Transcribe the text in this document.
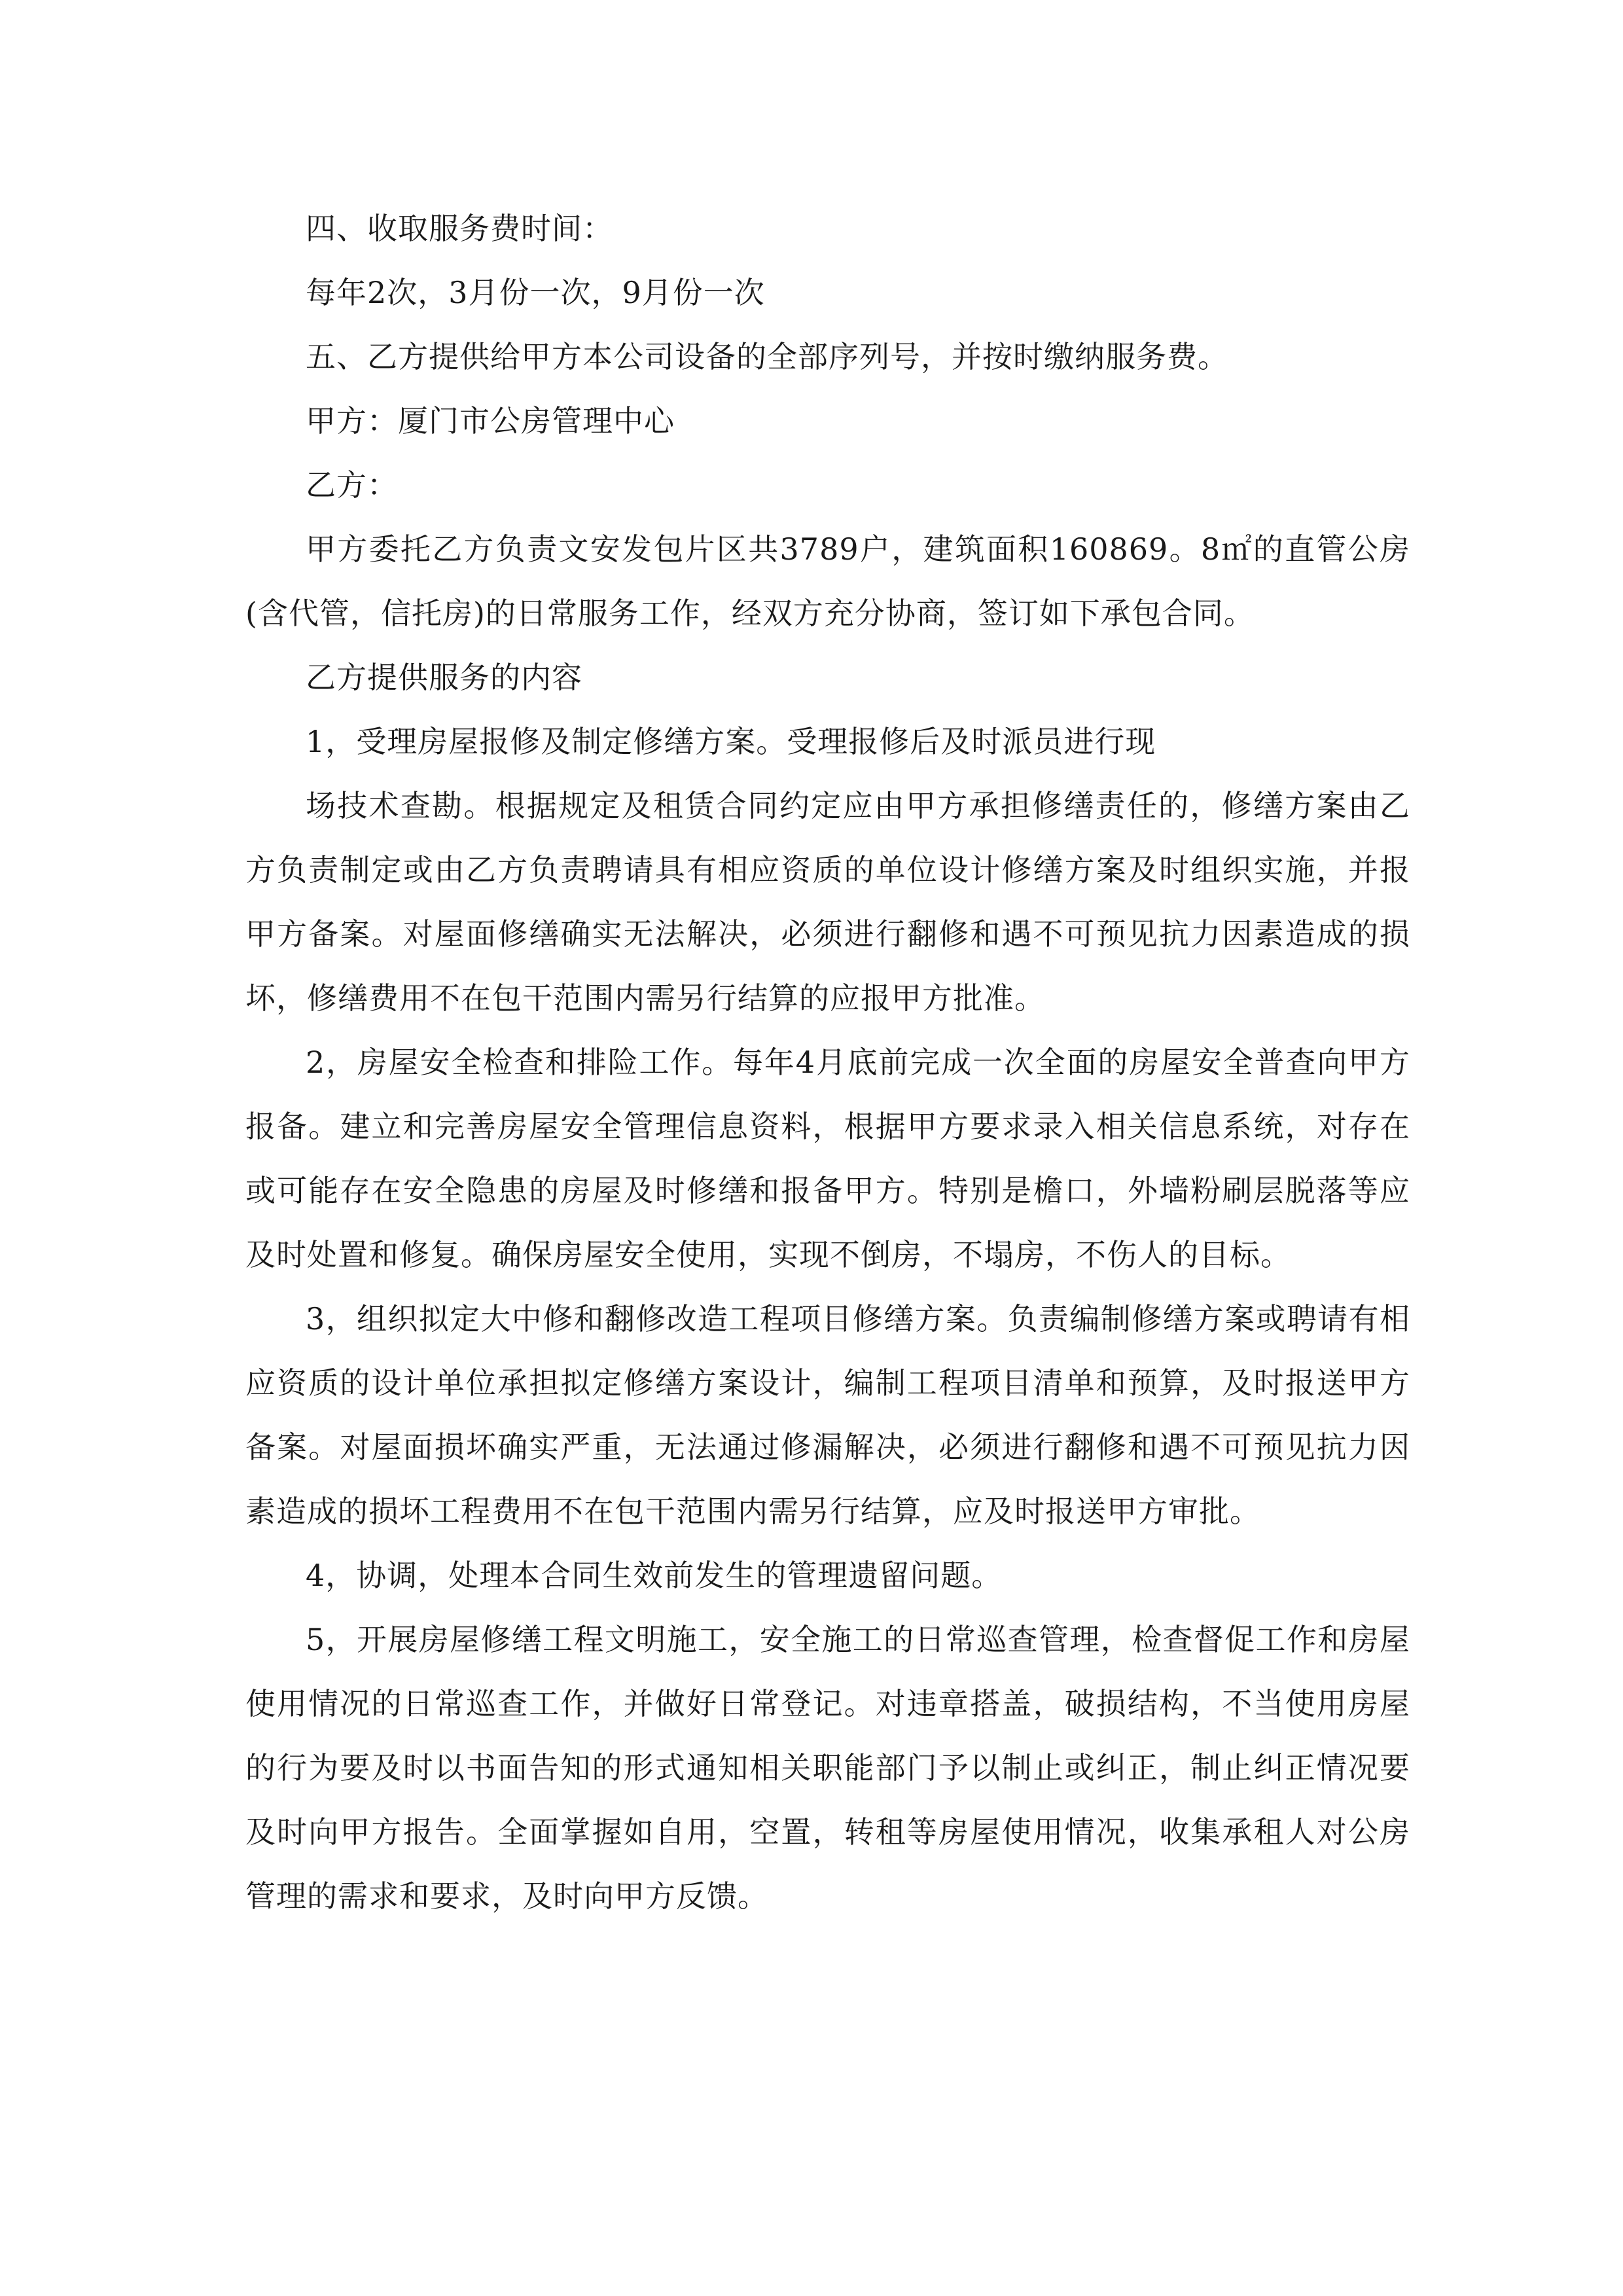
四、收取服务费时间：

每年2次，3月份一次，9月份一次

五、乙方提供给甲方本公司设备的全部序列号，并按时缴纳服务费。

甲方：厦门市公房管理中心

乙方：

甲方委托乙方负责文安发包片区共3789户，建筑面积160869。8㎡的直管公房(含代管，信托房)的日常服务工作，经双方充分协商，签订如下承包合同。

乙方提供服务的内容

1，受理房屋报修及制定修缮方案。受理报修后及时派员进行现

场技术查勘。根据规定及租赁合同约定应由甲方承担修缮责任的，修缮方案由乙方负责制定或由乙方负责聘请具有相应资质的单位设计修缮方案及时组织实施，并报甲方备案。对屋面修缮确实无法解决，必须进行翻修和遇不可预见抗力因素造成的损坏，修缮费用不在包干范围内需另行结算的应报甲方批准。

2，房屋安全检查和排险工作。每年4月底前完成一次全面的房屋安全普查向甲方报备。建立和完善房屋安全管理信息资料，根据甲方要求录入相关信息系统，对存在或可能存在安全隐患的房屋及时修缮和报备甲方。特别是檐口，外墙粉刷层脱落等应及时处置和修复。确保房屋安全使用，实现不倒房，不塌房，不伤人的目标。

3，组织拟定大中修和翻修改造工程项目修缮方案。负责编制修缮方案或聘请有相应资质的设计单位承担拟定修缮方案设计，编制工程项目清单和预算，及时报送甲方备案。对屋面损坏确实严重，无法通过修漏解决，必须进行翻修和遇不可预见抗力因素造成的损坏工程费用不在包干范围内需另行结算，应及时报送甲方审批。

4，协调，处理本合同生效前发生的管理遗留问题。

5，开展房屋修缮工程文明施工，安全施工的日常巡查管理，检查督促工作和房屋使用情况的日常巡查工作，并做好日常登记。对违章搭盖，破损结构，不当使用房屋的行为要及时以书面告知的形式通知相关职能部门予以制止或纠正，制止纠正情况要及时向甲方报告。全面掌握如自用，空置，转租等房屋使用情况，收集承租人对公房管理的需求和要求，及时向甲方反馈。
